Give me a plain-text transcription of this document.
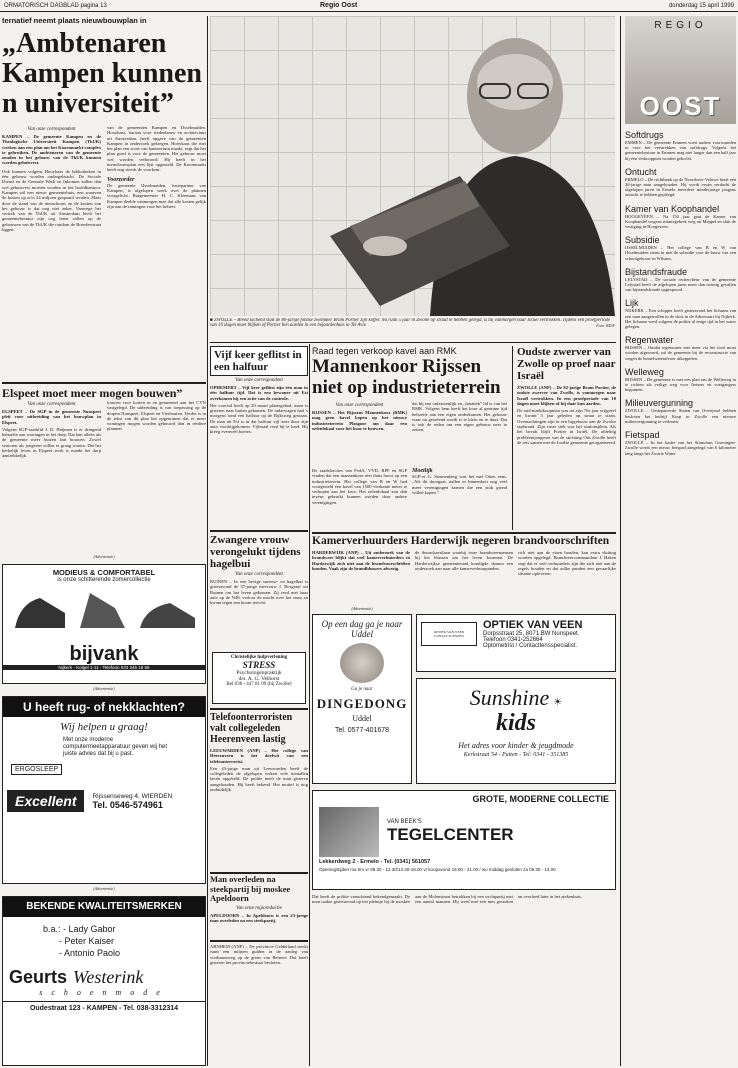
ORMATORISCH DAGBLAD pagina 13	Regio Oost	donderdag 15 april 1999
ternatief neemt plaats nieuwbouwplan in
„Ambtenaren
Kampen kunnen
n universiteit”
Van onze correspondent
KAMPEN – De gemeente Kampen en de Theologische Universiteit Kampen (ThUK) werken aan een plan om het Koornmarkt-complex te gebruiken. De ambtenaren van de gemeente zouden in het gebouw van de ThUK kunnen worden gehuisvest.
Ook kunnen volgens Hooykaas de bibliotheken in één gebouw worden ondergebracht. De Sociale Dienst en de Centrale Werk en Inkomen zullen dan wel gehuisvest moeten worden in het hoofdkantoor. Kampen wil een nieuw gemeentehuis, een waarvan de kosten op zo'n 24 miljoen gespaard werden. Maar door de stand van de nieuwbouw en de kosten van het gebouw is dat nog niet zeker. Vanwege het vertrek van de ThUK uit Amsterdam heeft het gemeentebestuur zijn oog laten vallen op de gebouwen van de ThUK die rondom de Broederstraat liggen.
van de gemeenten Kampen en IJsselmuiden. Hooykaas, buraau voor stedenbouw en architectuur uit Amsterdam, heeft opgave van de gemeenten Kampen in onderzoek gekregen. Hooykaas die met het plan een soort van kantoortuin maakt, zegt dat het plan goed is voor de gemeenten. Het gebouw moet wel worden verbouwd. Hij heeft in het nieuwbouwplan een lijst opgesteld. De Koornmarkt heeft nog steeds de voorkeur.
Voorzorder
De gemeente IJsselmuiden, fusiepartner van Kampen, is afgelopen week over de plannen voorgelicht. Burgemeester H. C. Kleemans van Kampen deelde vanmorgen mee dat alle kosten gelijk zijn aan de ramingen voor het beheer.
■ ZWOLLE – Breed lachend sluit de 80-jarige fondse zwemmer Bram Portier zijn koffer. Na ruim 5 jaar in Zwolle op straat te hebben gelegd, is hij vanmorgen naar Israël vertrokken. Tijdens een proefperiode van 10 dagen moet blijken of Portier hen aarden in een bejaardenhuis in Tel Aviv.	Foto: RD/F
REGIO
OOST
Softdrugs
EMMEN – De gemeente Emmen voert nadere voorwaarden in voor het verstrekken van softdrugs. Volgens het gemeentebestuur in Emmen mag niet langer dan een half jaar bij één verkooppunt worden gekocht.
Ontucht
ERMELO – De rechtbank op de Noordveer-Veluwe heeft een 26-jarige man aangehouden. Hij wordt ervan verdacht de afgelopen jaren in Ermelo meerdere minderjarige jongens ontucht te hebben gepleegd.
Kamer van Koophandel
HOOGEVEEN – Na 150 jaar gaat de Kamer van Koophandel wegens ruimtegebrek weg uit Meppel en sluit de vestiging in Hoogeveen.
Subsidie
IJSSELMUIDEN – Het college van B en W van IJsselmuiden stemt in met de subsidie voor de bouw van een schoolgebouw in Wilsum.
Bijstandsfraude
LELYSTAD – De sociale rechercheur van de gemeente Lelystad heeft de afgelopen jaren meer dan twintig gevallen van bijstandsfraude opgespoord.
Lijk
NIJKERK – Een schipper heeft gisteravond het lichaam van een man aangetroffen in de sluis in de Arkervaart bij Nijkerk. Het lichaam werd volgens de politie al enige tijd in het water gelegen.
Regenwater
RIJSSEN – Omdat regenwater niet meer via het riool moet worden afgevoerd, zal de gemeente bij de reconstructie van wegen de hemelwaterafvoer afkoppelen.
Welleweg
RIJSSEN – De gemeente is met een plan om de Welleweg in te richten als veilige weg voor fietsers en voetgangers begonnen.
Milieuvergunning
ZWOLLE – Gedeputeerde Staten van Overijssel hebben besloten het bedrijf Kurp in Zwolle een nieuwe milieuvergunning te verlenen.
Fietspad
ZWOLLE – In het kader van het Stimulans Groningen-Zwolle wordt een nieuw fietspad aangelegd van 6 kilometer lang langs het Zwarte Water.
Elspeet moet meer mogen bouwen”
Van onze correspondent
ELSPEET – De SGP in de gemeente Nunspeet pleit voor uitbreiding van het bouwplan in Elspeet.
Volgens SGP-raadslid J. D. Heijmen is er dringend behoefte aan woningen in het dorp. Dat kan alleen als de gemeente meer huizen laat bouwen. Zowel senioren als jongeren willen er graag wonen. Dat het kerkelijk leven in Elspeet sterk is maakt het dorp aantrekkelijk.
touwen voor korten in en gemeentel aan het CVN vastgelegd. De uitbreiding is van toepassing op de dorpen Nunspeet, Elspeet en Vierhouten. Verder is in de tekst van dit plan het opgenomen dat er meer woningen mogen worden gebouwd dan in eerdere plannen.
(Advertentie)
MODIEUS & COMFORTABEL
is onze schitterende zomercollectie
bijvank
Nijkerk - Kolgel 1-11 - Telefoon 033 245 18 56
(Advertentie)
U heeft rug- of nekklachten?
Wij helpen u graag!
Met onze moderne computermeetapparatuur geven wij het juiste advies dat bij u past.
ERGOSLEEP
Excellent	Rijssenseweg 4, WIERDEN
Tel. 0546-574961
(Advertentie)
BEKENDE KWALITEITSMERKEN
b.a.: - Lady Gabor
- Peter Kaiser
- Antonio Paolo
Geurts Westerink
schoenmode
Oudestraat 123 - KAMPEN - Tel. 038-3312314
Vijf keer geflitst in een halfuur
Van onze correspondent
OPHEMERT – Vijf keer geflitst zijn één man in één halfuur tijd. Dat is een bewoner uit Est overkomen bij een actie van de controle.
Het voorval heeft op 20 maart plaatsgehad, maar is gisteren naar buiten gekomen. De radarwagen had 's morgens rond een halfuur op de Rijksweg gestaan. De man uit Est is in dat halfuur vijf keer door zijn auto voorbijgekomen. Vijfmaal reed hij te hard. Hij kreeg evenveel boetes.
Zwangere vrouw verongelukt tijdens hagelbui
Van onze correspondent
RUINEN – In een hevige sneeuw- en hagelbui is gisteravond de 37-jarige mevrouw J. Bosgraaf uit Ruinen om het leven gekomen. Zij reed met haar auto op de N48, verloor de macht over het stuur en kwam tegen een boom terecht.
Christelijke hulpverlening
STRESS
Psychologenpraktijk
drs. A. G. Velhorst
Bel 038 - 447 81 09 (bij Zwolle)
Telefoonterroristen valt collegeleden Heerenveen lastig
LEEUWARDEN (ANP) – Het college van Heerenveen is het doelwit van een telefoonterrorist.
Een 43-jarige man uit Leeuwarden heeft de collegeleden de afgelopen weken vele tientallen keren opgebeld. De politie heeft de man gisteren aangehouden. Hij heeft bekend. Het motief is nog onduidelijk.
ARNHEM (ANP) – De provincie Gelderland steekt ruim een miljoen gulden in de aanleg van vierbaansweg op de grens van Betuwe. Dat heeft gisteren het provinciebestuur besloten.
Raad tegen verkoop kavel aan RMK
Mannenkoor Rijssen niet op industrieterrein
Van onze correspondent
RIJSSEN – Het Rijssens Mannenkoor (RMK) mag geen kavel kopen op het nieuwe industrieterrein Plasgoor om daar een oefenlokaal voor het koor te bouwen.
dat bij een onfatsoenlijk en „fanatiek” lid is van het RMK. Volgens hem heeft het koor al geruime tijd behoefte aan een eigen onderkomen. Het gebouw waar nu geoefend wordt is te klein en te duur. Dat is ook de reden om een eigen gebouw neer te zetten.
De raadsfracties van PvdA, VVD, RPF en SGP vinden dat een mannenkoor niet thuis hoort op een industrieterrein. Het college van B en W had voorgesteld een kavel van 1500 vierkante meter te verkopen aan het koor. Het oefenlokaal zou dan tevens gebruikt kunnen worden door andere verenigingen.
Moeilijk
SGP-er G. Steunenberg was het met Otten eens. „Als dit doorgaat, zullen er binnenkort nog veel meer verenigingen komen die een stuk grond willen kopen.”
Oudste zwerver van Zwolle op proef naar Israël
ZWOLLE (ANP) – De 82-jarige Bram Portier, de oudste zwerver van Zwolle, is vanmorgen naar Israël vertrokken. In een proefperiode van 10 dagen moet blijken of hij daar kan aarden.
De oud-marktkoopman was tot zijn 76e jaar vrijgezel en kwam 5 jaar geleden op straat te staan. Overnachtingen zijn in een bijgebouw aan de Zwolse stadsrand. Zijn vaste stek was het stationsplein. Als het bevalt blijft Portier in Israël. De afdeling probleemjongeren van de stichting Ons Zwolle heeft de reis samen met de Joodse gemeente georganiseerd.
Kamerverhuurders Harderwijk negeren brandvoorschriften
HARDERWIJK (ANP) – Uit onderzoek van de brandweer blijkt dat veel kamerverhuurders in Harderwijk zich niet aan de brandvoorschriften houden. Vaak zijn de brandblussers afwezig.
de Snouckaertlaan waarbij twee brandweermensen bij het blussen om het leven kwamen. De Harderwijkse gemeenteraad kondigde daarna een onderzoek aan naar alle kamerverhuurpanden.
rich niet aan de eisen houden, kan extra sluiting worden opgelegd. Brandweercommandant J. Haken zegt dat er veel verhuurders zijn die zich niet aan de regels houden en dat zulke panden een gevaarlijke situatie opleveren.
(Advertentie)
Op een dag ga je naar Uddel
Ga je naar
DINGEDONG
Uddel
Tel. 0577-401678
OPTIEK VAN VEEN CONTACTLENZEN
OPTIEK VAN VEEN
Dorpsstraat 25, 8071 BW Nunspeet.
Telefoon 0341-252664
Optometrist / Contactlensspecialist.
Sunshine ☀
kids
Het adres voor kinder & jeugdmode
Kerkstraat 54 - Putten - Tel: 0341 - 351385
GROTE, MODERNE COLLECTIE
VAN BEEK'S
TEGELCENTER
Lekkerdweg 2 - Ermelo - Tel. (0341) 561057
Openingstijden ma t/m vr 09.30 - 12.30/13.30-18.00 vr koopavond 19.00 - 21.00 / wo middag gesloten za 09.30 - 13.00
Man overleden na steekpartij bij moskee Apeldoorn
Van onze regioredactie
APELDOORN – In Apeldoorn is een 23-jarige man overleden na een steekpartij.
Dat heeft de politie vanochtend bekendgemaakt. De man raakte gisteravond op het pleintje bij de moskee aan de Molenstraat betrokken bij een vechtpartij met een aantal mannen. Hij werd met een mes gestoken en overleed later in het ziekenhuis.
